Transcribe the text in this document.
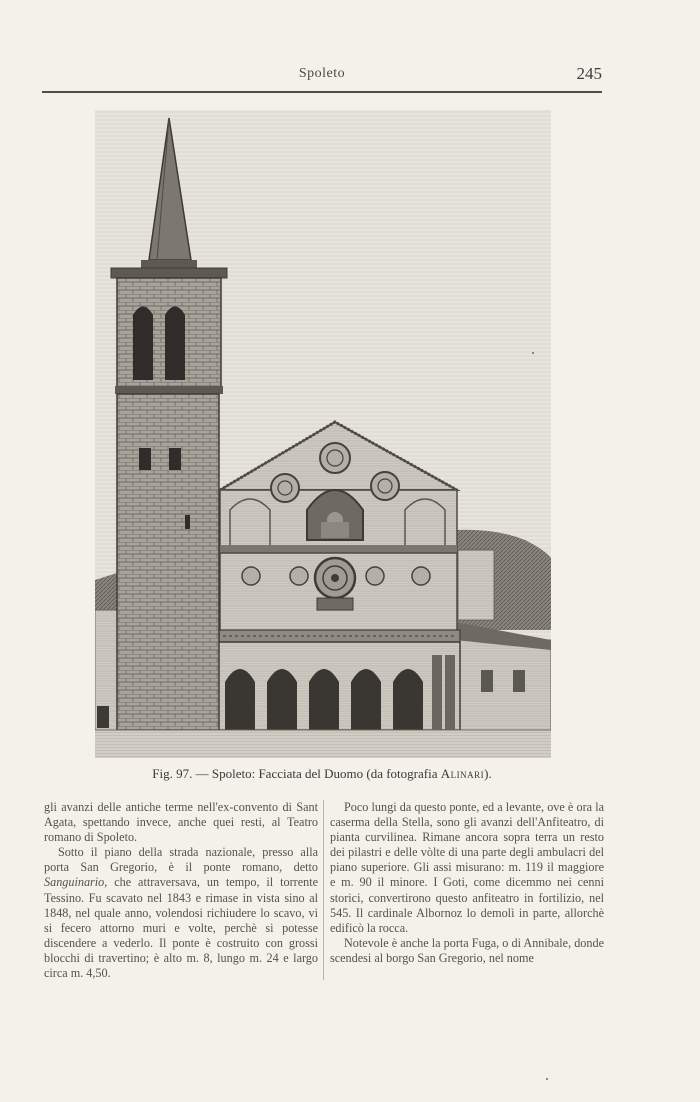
Spoleto	245
Fig. 97. — Spoleto: Facciata del Duomo (da fotografia Alinari).

gli avanzi delle antiche terme nell'ex-convento di Sant Agata, spettando invece, anche quei resti, al Teatro romano di Spoleto.

Sotto il piano della strada nazionale, presso alla porta San Gregorio, è il ponte romano, detto Sanguinario, che attraversava, un tempo, il torrente Tessino. Fu scavato nel 1843 e rimase in vista sino al 1848, nel quale anno, volendosi richiudere lo scavo, vi si fecero attorno muri e volte, perchè si potesse discendere a vederlo. Il ponte è costruito con grossi blocchi di travertino; è alto m. 8, lungo m. 24 e largo circa m. 4,50.

Poco lungi da questo ponte, ed a levante, ove è ora la caserma della Stella, sono gli avanzi dell'Anfiteatro, di pianta curvilinea. Rimane ancora sopra terra un resto dei pilastri e delle vòlte di una parte degli ambulacri del piano superiore. Gli assi misurano: m. 119 il maggiore e m. 90 il minore. I Goti, come dicemmo nei cenni storici, convertirono questo anfiteatro in fortilizio, nel 545. Il cardinale Albornoz lo demolì in parte, allorchè edificò la rocca.

Notevole è anche la porta Fuga, o di Annibale, donde scendesi al borgo San Gregorio, nel nome
